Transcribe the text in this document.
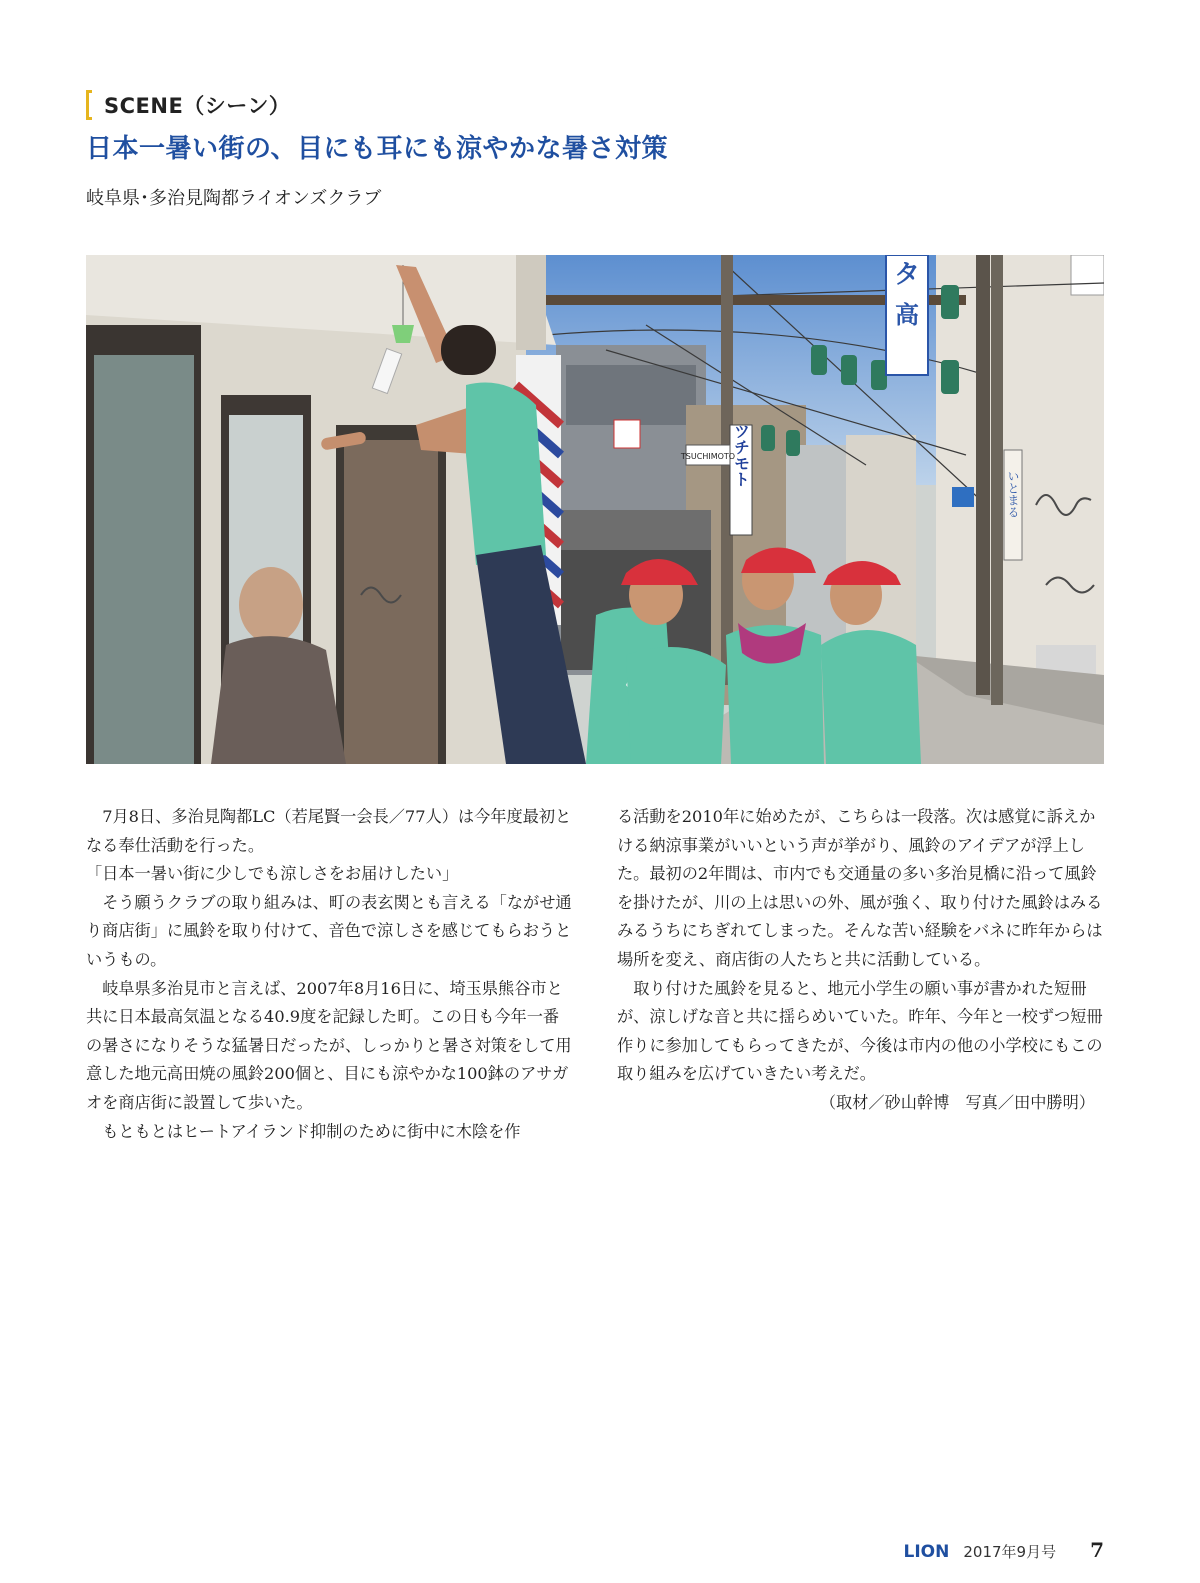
SCENE（シーン）
日本一暑い街の、目にも耳にも涼やかな暑さ対策

岐阜県･多治見陶都ライオンズクラブ

タ
高
ツチモト
TSUCHIMOTO
いとまる

7月8日、多治見陶都LC（若尾賢一会長／77人）は今年度最初となる奉仕活動を行った。

「日本一暑い街に少しでも涼しさをお届けしたい」

そう願うクラブの取り組みは、町の表玄関とも言える「ながせ通り商店街」に風鈴を取り付けて、音色で涼しさを感じてもらおうというもの。

岐阜県多治見市と言えば、2007年8月16日に、埼玉県熊谷市と共に日本最高気温となる40.9度を記録した町。この日も今年一番の暑さになりそうな猛暑日だったが、しっかりと暑さ対策をして用意した地元高田焼の風鈴200個と、目にも涼やかな100鉢のアサガオを商店街に設置して歩いた。

もともとはヒートアイランド抑制のために街中に木陰を作

る活動を2010年に始めたが、こちらは一段落。次は感覚に訴えかける納涼事業がいいという声が挙がり、風鈴のアイデアが浮上した。最初の2年間は、市内でも交通量の多い多治見橋に沿って風鈴を掛けたが、川の上は思いの外、風が強く、取り付けた風鈴はみるみるうちにちぎれてしまった。そんな苦い経験をバネに昨年からは場所を変え、商店街の人たちと共に活動している。

取り付けた風鈴を見ると、地元小学生の願い事が書かれた短冊が、涼しげな音と共に揺らめいていた。昨年、今年と一校ずつ短冊作りに参加してもらってきたが、今後は市内の他の小学校にもこの取り組みを広げていきたい考えだ。

（取材／砂山幹博　写真／田中勝明）

LION 2017年9月号 7
